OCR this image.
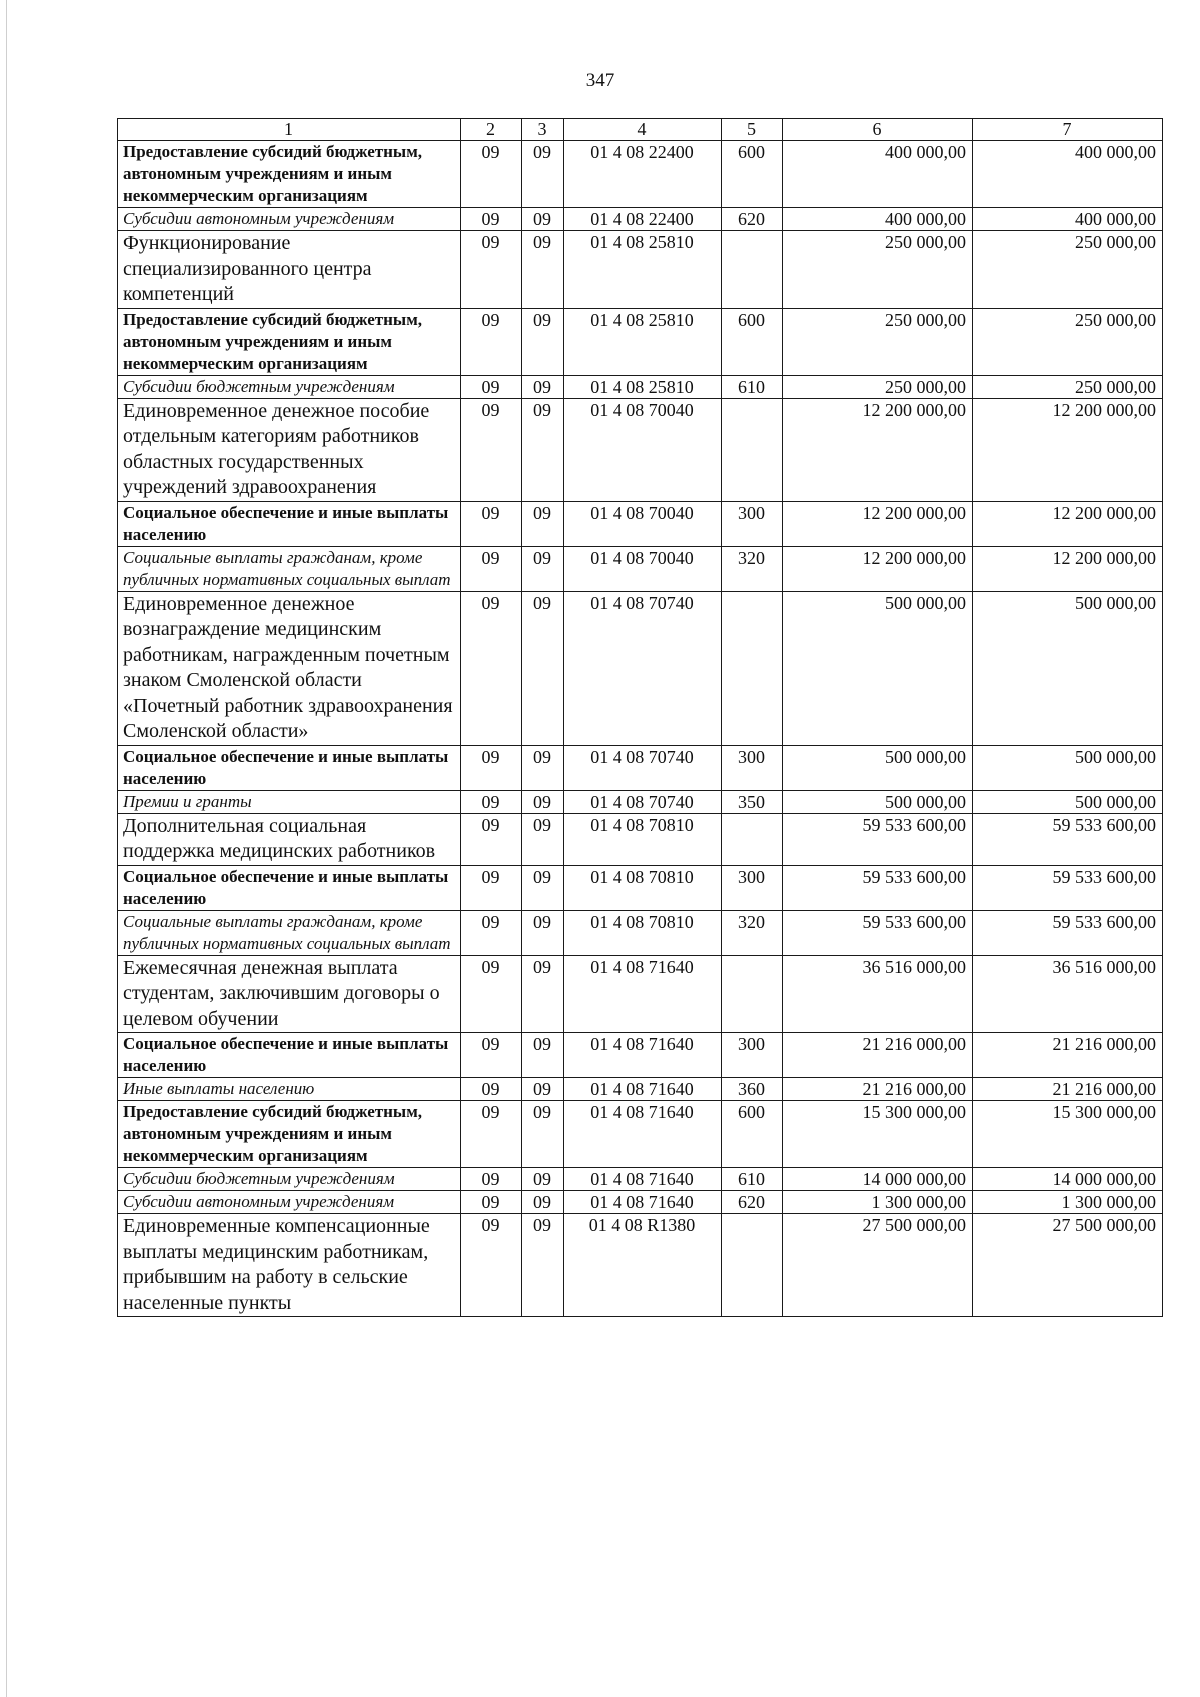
347
1	2	3	4	5	6	7
Предоставление субсидий бюджетным, автономным учреждениям и иным некоммерческим организациям	09	09	01 4 08 22400	600	400 000,00	400 000,00
Субсидии автономным учреждениям	09	09	01 4 08 22400	620	400 000,00	400 000,00
Функционирование специализированного центра компетенций	09	09	01 4 08 25810		250 000,00	250 000,00
Предоставление субсидий бюджетным, автономным учреждениям и иным некоммерческим организациям	09	09	01 4 08 25810	600	250 000,00	250 000,00
Субсидии бюджетным учреждениям	09	09	01 4 08 25810	610	250 000,00	250 000,00
Единовременное денежное пособие отдельным категориям работников областных государственных учреждений здравоохранения	09	09	01 4 08 70040		12 200 000,00	12 200 000,00
Социальное обеспечение и иные выплаты населению	09	09	01 4 08 70040	300	12 200 000,00	12 200 000,00
Социальные выплаты гражданам, кроме публичных нормативных социальных выплат	09	09	01 4 08 70040	320	12 200 000,00	12 200 000,00
Единовременное денежное вознаграждение медицинским работникам, награжденным почетным знаком Смоленской области «Почетный работник здравоохранения Смоленской области»	09	09	01 4 08 70740		500 000,00	500 000,00
Социальное обеспечение и иные выплаты населению	09	09	01 4 08 70740	300	500 000,00	500 000,00
Премии и гранты	09	09	01 4 08 70740	350	500 000,00	500 000,00
Дополнительная социальная поддержка медицинских работников	09	09	01 4 08 70810		59 533 600,00	59 533 600,00
Социальное обеспечение и иные выплаты населению	09	09	01 4 08 70810	300	59 533 600,00	59 533 600,00
Социальные выплаты гражданам, кроме публичных нормативных социальных выплат	09	09	01 4 08 70810	320	59 533 600,00	59 533 600,00
Ежемесячная денежная выплата студентам, заключившим договоры о целевом обучении	09	09	01 4 08 71640		36 516 000,00	36 516 000,00
Социальное обеспечение и иные выплаты населению	09	09	01 4 08 71640	300	21 216 000,00	21 216 000,00
Иные выплаты населению	09	09	01 4 08 71640	360	21 216 000,00	21 216 000,00
Предоставление субсидий бюджетным, автономным учреждениям и иным некоммерческим организациям	09	09	01 4 08 71640	600	15 300 000,00	15 300 000,00
Субсидии бюджетным учреждениям	09	09	01 4 08 71640	610	14 000 000,00	14 000 000,00
Субсидии автономным учреждениям	09	09	01 4 08 71640	620	1 300 000,00	1 300 000,00
Единовременные компенсационные выплаты медицинским работникам, прибывшим на работу в сельские населенные пункты	09	09	01 4 08 R1380		27 500 000,00	27 500 000,00
